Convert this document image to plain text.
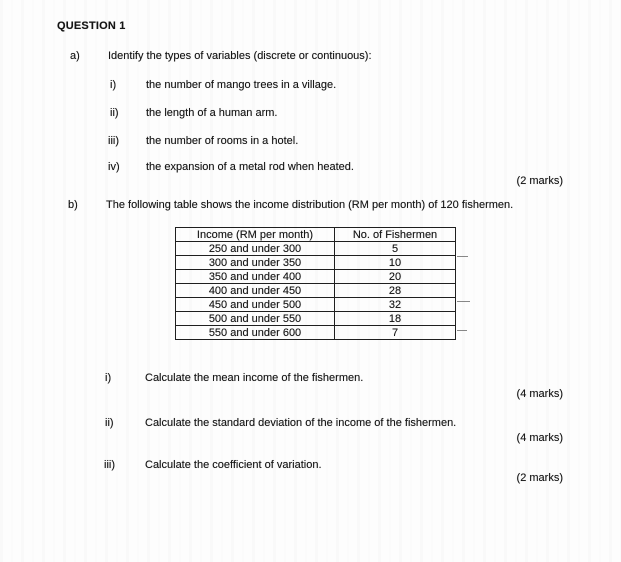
QUESTION 1
a)	Identify the types of variables (discrete or continuous):
i)	the number of mango trees in a village.
ii) the length of a human arm.
iii) the number of rooms in a hotel.
iv) the expansion of a metal rod when heated.
(2 marks)
b)	The following table shows the income distribution (RM per month) of 120 fishermen.
Income (RM per month)	No. of Fishermen
250 and under 300	5
300 and under 350	10
350 and under 400	20
400 and under 450	28
450 and under 500	32
500 and under 550	18
550 and under 600	7
i)	Calculate the mean income of the fishermen.
(4 marks)
ii)	Calculate the standard deviation of the income of the fishermen.
(4 marks)
iii)	Calculate the coefficient of variation.
(2 marks)
